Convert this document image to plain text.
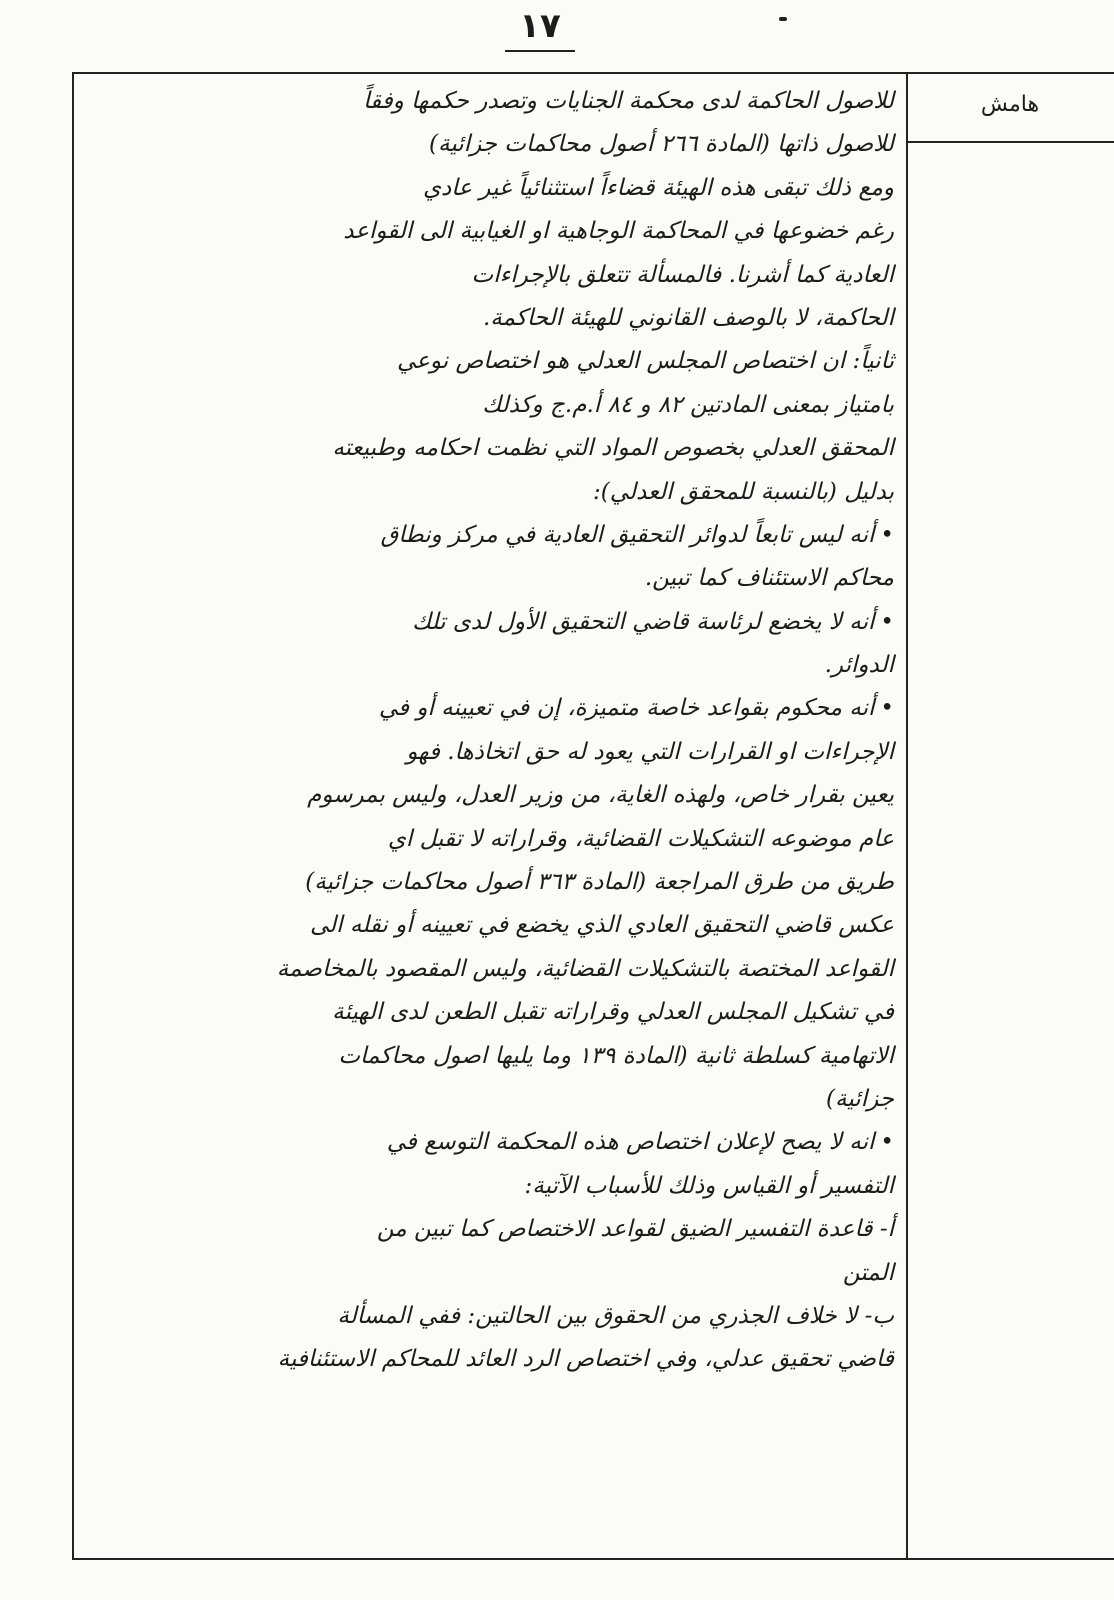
١٧
هامش
للاصول الحاكمة لدى محكمة الجنايات وتصدر حكمها وفقاً
للاصول ذاتها (المادة ٢٦٦ أصول محاكمات جزائية)
ومع ذلك تبقى هذه الهيئة قضاءاً استثنائياً غير عادي
رغم خضوعها في المحاكمة الوجاهية او الغيابية الى القواعد
العادية كما أشرنا. فالمسألة تتعلق بالإجراءات
الحاكمة، لا بالوصف القانوني للهيئة الحاكمة.
ثانياً: ان اختصاص المجلس العدلي هو اختصاص نوعي
بامتياز بمعنى المادتين ٨٢ و ٨٤ أ.م.ج وكذلك
المحقق العدلي بخصوص المواد التي نظمت احكامه وطبيعته
بدليل (بالنسبة للمحقق العدلي):
•أنه ليس تابعاً لدوائر التحقيق العادية في مركز ونطاق
محاكم الاستئناف كما تبين.
•أنه لا يخضع لرئاسة قاضي التحقيق الأول لدى تلك
الدوائر.
•أنه محكوم بقواعد خاصة متميزة، إن في تعيينه أو في
الإجراءات او القرارات التي يعود له حق اتخاذها. فهو
يعين بقرار خاص، ولهذه الغاية، من وزير العدل، وليس بمرسوم
عام موضوعه التشكيلات القضائية، وقراراته لا تقبل اي
طريق من طرق المراجعة (المادة ٣٦٣ أصول محاكمات جزائية)
عكس قاضي التحقيق العادي الذي يخضع في تعيينه أو نقله الى
القواعد المختصة بالتشكيلات القضائية، وليس المقصود بالمخاصمة
في تشكيل المجلس العدلي وقراراته تقبل الطعن لدى الهيئة
الاتهامية كسلطة ثانية (المادة ١٣٩ وما يليها اصول محاكمات
جزائية)
•انه لا يصح لإعلان اختصاص هذه المحكمة التوسع في
التفسير أو القياس وذلك للأسباب الآتية:
أ- قاعدة التفسير الضيق لقواعد الاختصاص كما تبين من
المتن
ب- لا خلاف الجذري من الحقوق بين الحالتين: ففي المسألة
قاضي تحقيق عدلي، وفي اختصاص الرد العائد للمحاكم الاستئنافية
